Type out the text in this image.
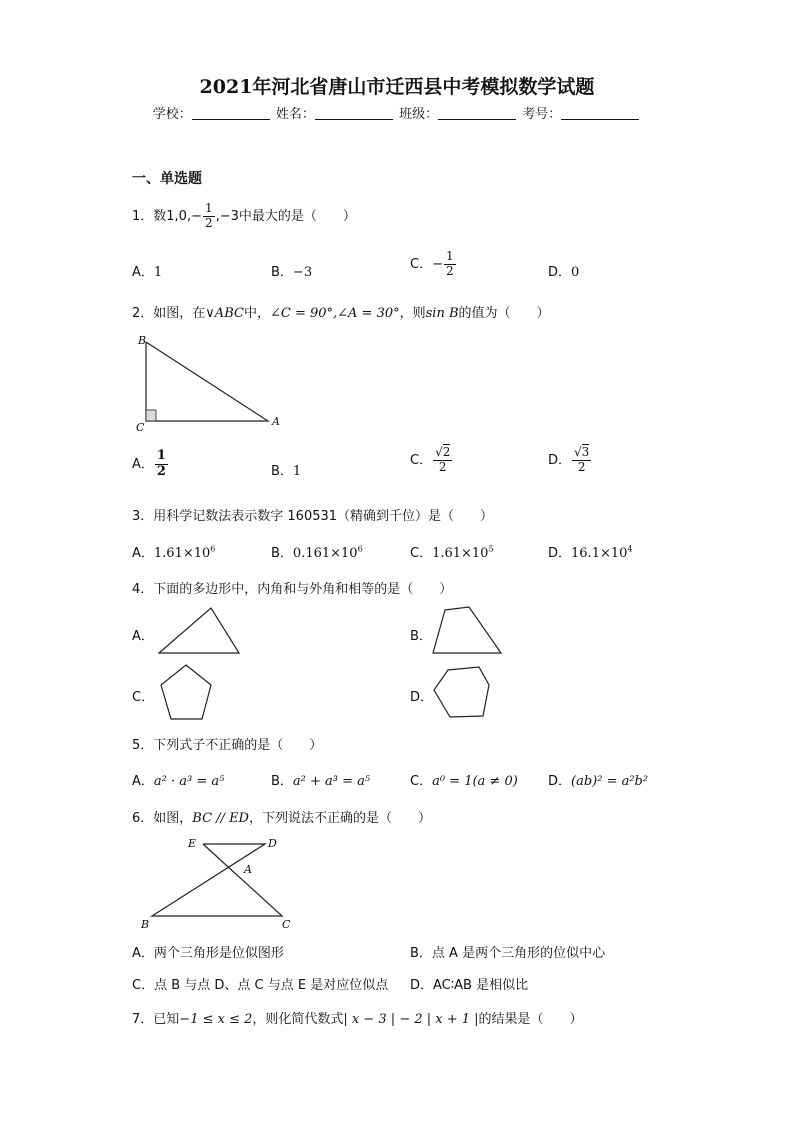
2021年河北省唐山市迁西县中考模拟数学试题
学校：	姓名：	班级：	考号：
一、单选题
1．数$1,0,- \frac{1}{2} ,-3$中最大的是（　　）
A．1	B．−3
C．− $\frac{1}{2}$	D．0
2．如图，在∨ABC中，∠C = 90°,∠A = 30°，则sin B的值为（　　）
B
C	A
A． $\frac{1}{2}$	B．1
C． $\frac{√2}{2}$	D． $\frac{√3}{2}$
3．用科学记数法表示数字 160531（精确到千位）是（　　）
A．$1.61\times 10^6$	B．$0.161\times 10^6$	C．$1.61\times 10^5$	D．$16.1\times 10^4$
4．下面的多边形中，内角和与外角和相等的是（　　）
A．	B．
C．	D．
5．下列式子不正确的是（　　）
A．a² · a³ = a⁵	B．a² + a³ = a⁵	C．a⁰ = 1(a ≠ 0) D．(ab)² = a²b²
6．如图，BC // ED，下列说法不正确的是（　　）
E	D
A
B	C
A．两个三角形是位似图形	B．点 A 是两个三角形的位似中心
C．点 B 与点 D、点 C 与点 E 是对应位似点 D．AC∶AB 是相似比
7．已知−1 ≤ x ≤ 2，则化简代数式| x − 3 | − 2 | x + 1 |的结果是（　　）
